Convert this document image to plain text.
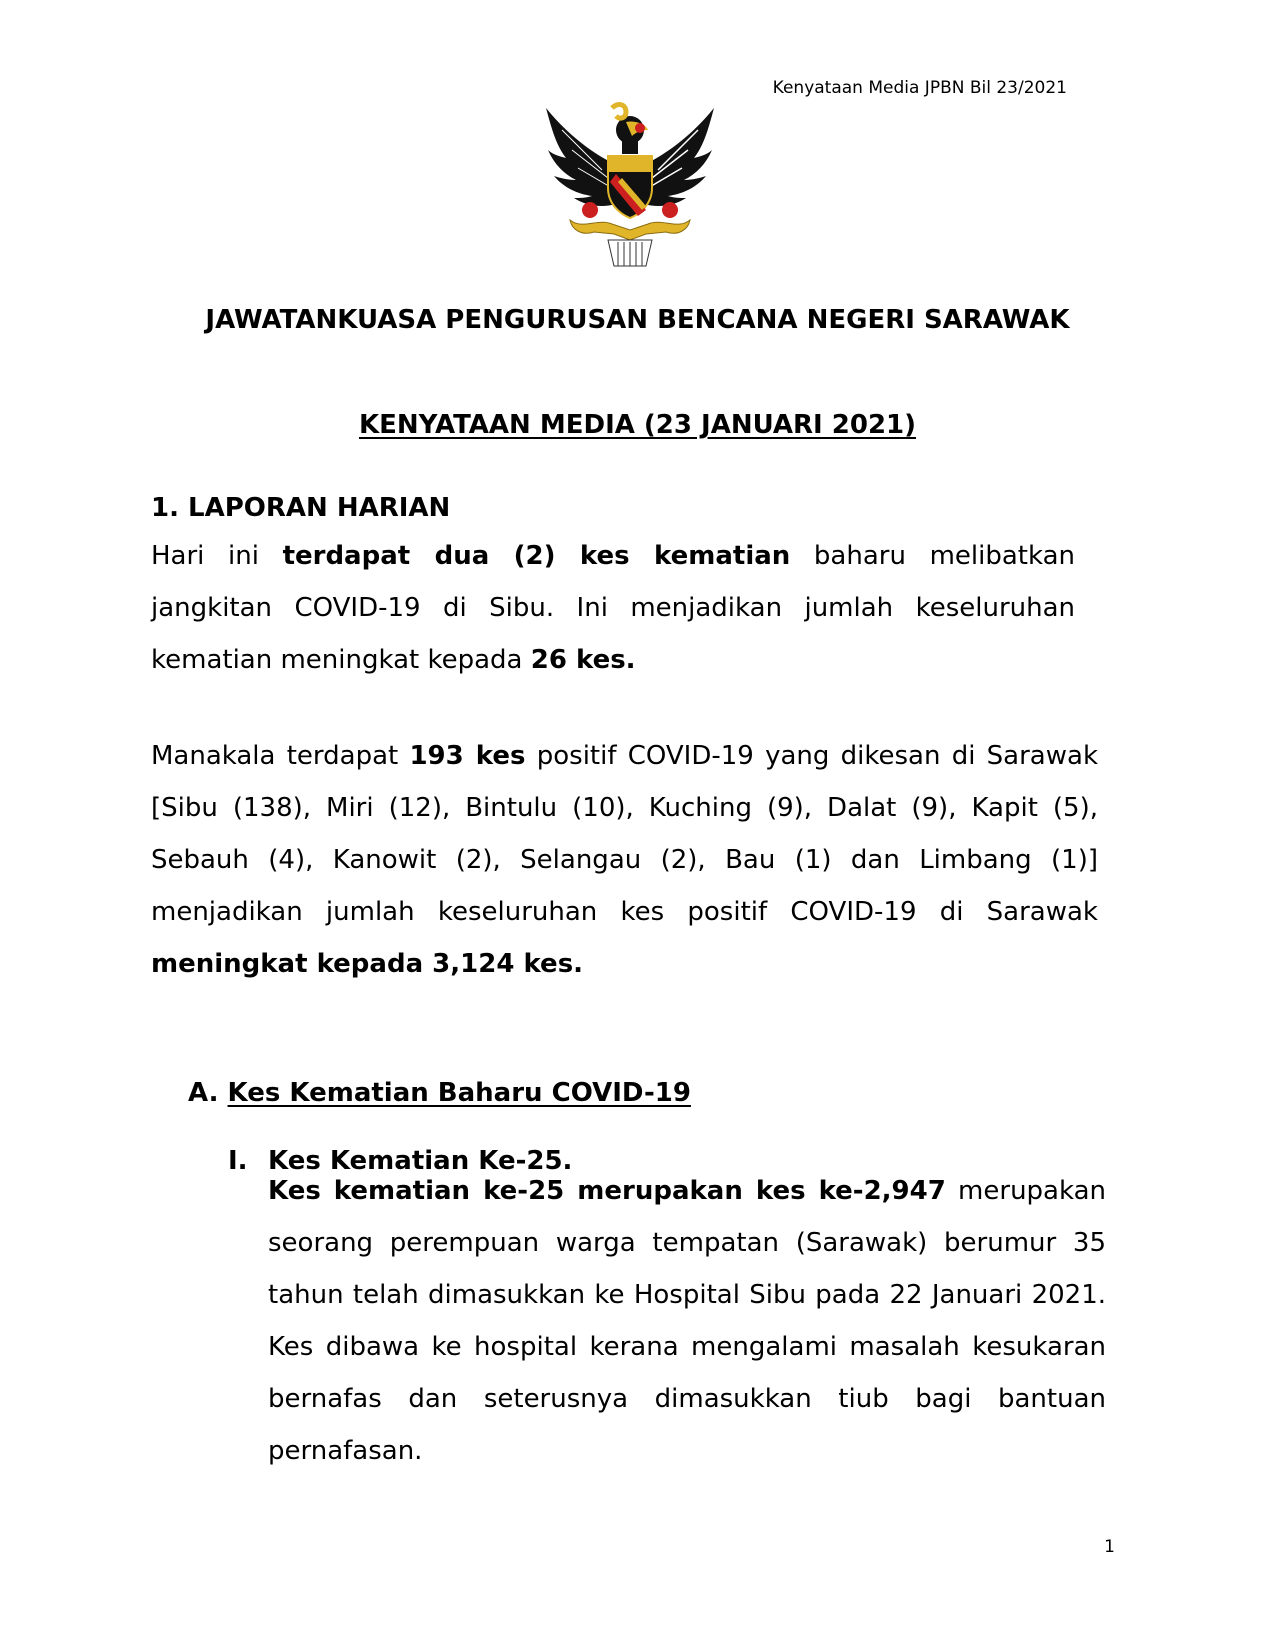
Kenyataan Media JPBN Bil 23/2021
JAWATANKUASA PENGURUSAN BENCANA NEGERI SARAWAK
KENYATAAN MEDIA (23 JANUARI 2021)
1. LAPORAN HARIAN
Hari ini terdapat dua (2) kes kematian baharu melibatkan jangkitan COVID-19 di Sibu. Ini menjadikan jumlah keseluruhan kematian meningkat kepada 26 kes.
Manakala terdapat 193 kes positif COVID-19 yang dikesan di Sarawak [Sibu (138), Miri (12), Bintulu (10), Kuching (9), Dalat (9), Kapit (5), Sebauh (4), Kanowit (2), Selangau (2), Bau (1) dan Limbang (1)] menjadikan jumlah keseluruhan kes positif COVID-19 di Sarawak meningkat kepada 3,124 kes.
A. Kes Kematian Baharu COVID-19
I. Kes Kematian Ke-25.
Kes kematian ke-25 merupakan kes ke-2,947 merupakan seorang perempuan warga tempatan (Sarawak) berumur 35 tahun telah dimasukkan ke Hospital Sibu pada 22 Januari 2021. Kes dibawa ke hospital kerana mengalami masalah kesukaran bernafas dan seterusnya dimasukkan tiub bagi bantuan pernafasan.
1
